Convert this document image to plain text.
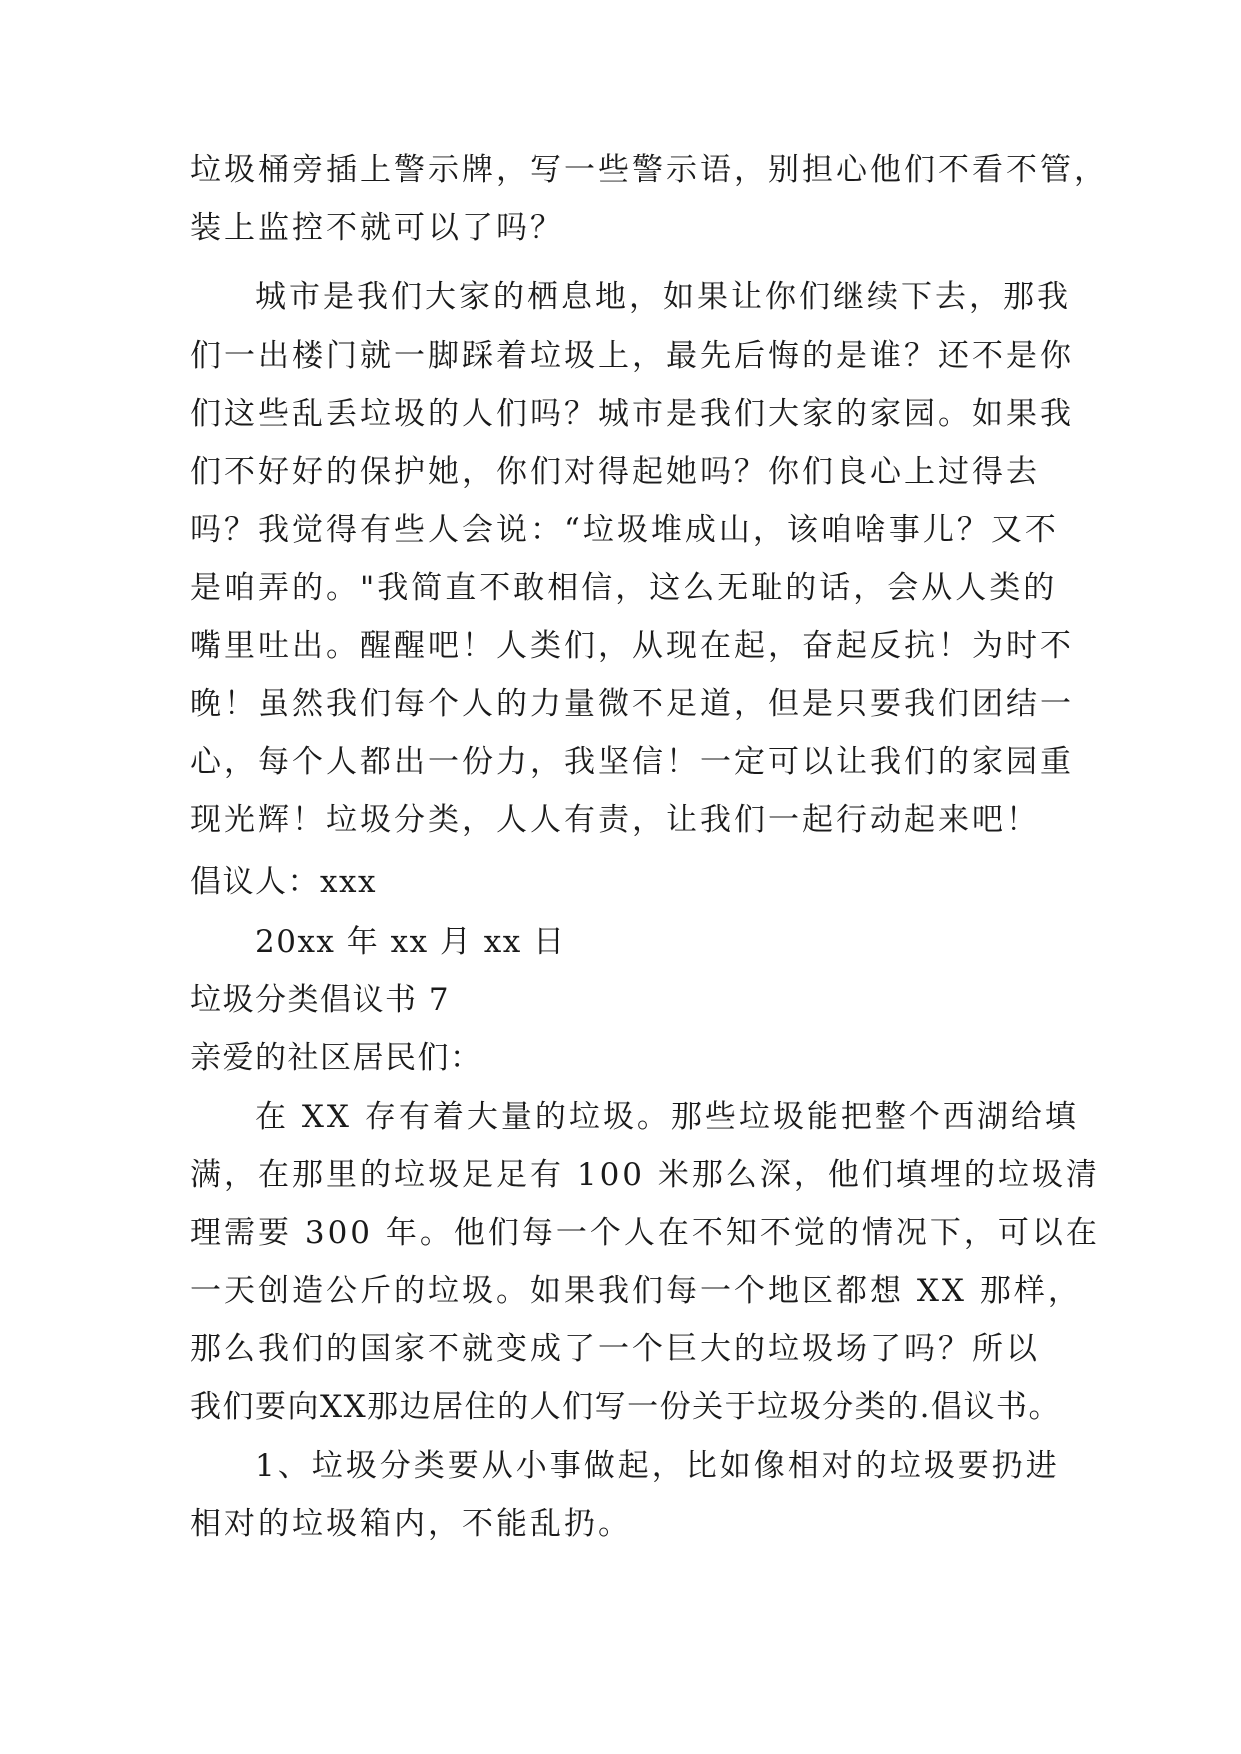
垃圾桶旁插上警示牌，写一些警示语，别担心他们不看不管，
装上监控不就可以了吗？
城市是我们大家的栖息地，如果让你们继续下去，那我
们一出楼门就一脚踩着垃圾上，最先后悔的是谁？还不是你
们这些乱丢垃圾的人们吗？城市是我们大家的家园。如果我
们不好好的保护她，你们对得起她吗？你们良心上过得去
吗？我觉得有些人会说：“垃圾堆成山，该咱啥事儿？又不
是咱弄的。"我简直不敢相信，这么无耻的话，会从人类的
嘴里吐出。醒醒吧！人类们，从现在起，奋起反抗！为时不
晚！虽然我们每个人的力量微不足道，但是只要我们团结一
心，每个人都出一份力，我坚信！一定可以让我们的家园重
现光辉！垃圾分类，人人有责，让我们一起行动起来吧！
倡议人：xxx
20xx 年 xx 月 xx 日
垃圾分类倡议书 7
亲爱的社区居民们：
在 XX 存有着大量的垃圾。那些垃圾能把整个西湖给填
满，在那里的垃圾足足有 100 米那么深，他们填埋的垃圾清
理需要 300 年。他们每一个人在不知不觉的情况下，可以在
一天创造公斤的垃圾。如果我们每一个地区都想 XX 那样，
那么我们的国家不就变成了一个巨大的垃圾场了吗？所以
我们要向XX那边居住的人们写一份关于垃圾分类的.倡议书。
1、垃圾分类要从小事做起，比如像相对的垃圾要扔进
相对的垃圾箱内，不能乱扔。
